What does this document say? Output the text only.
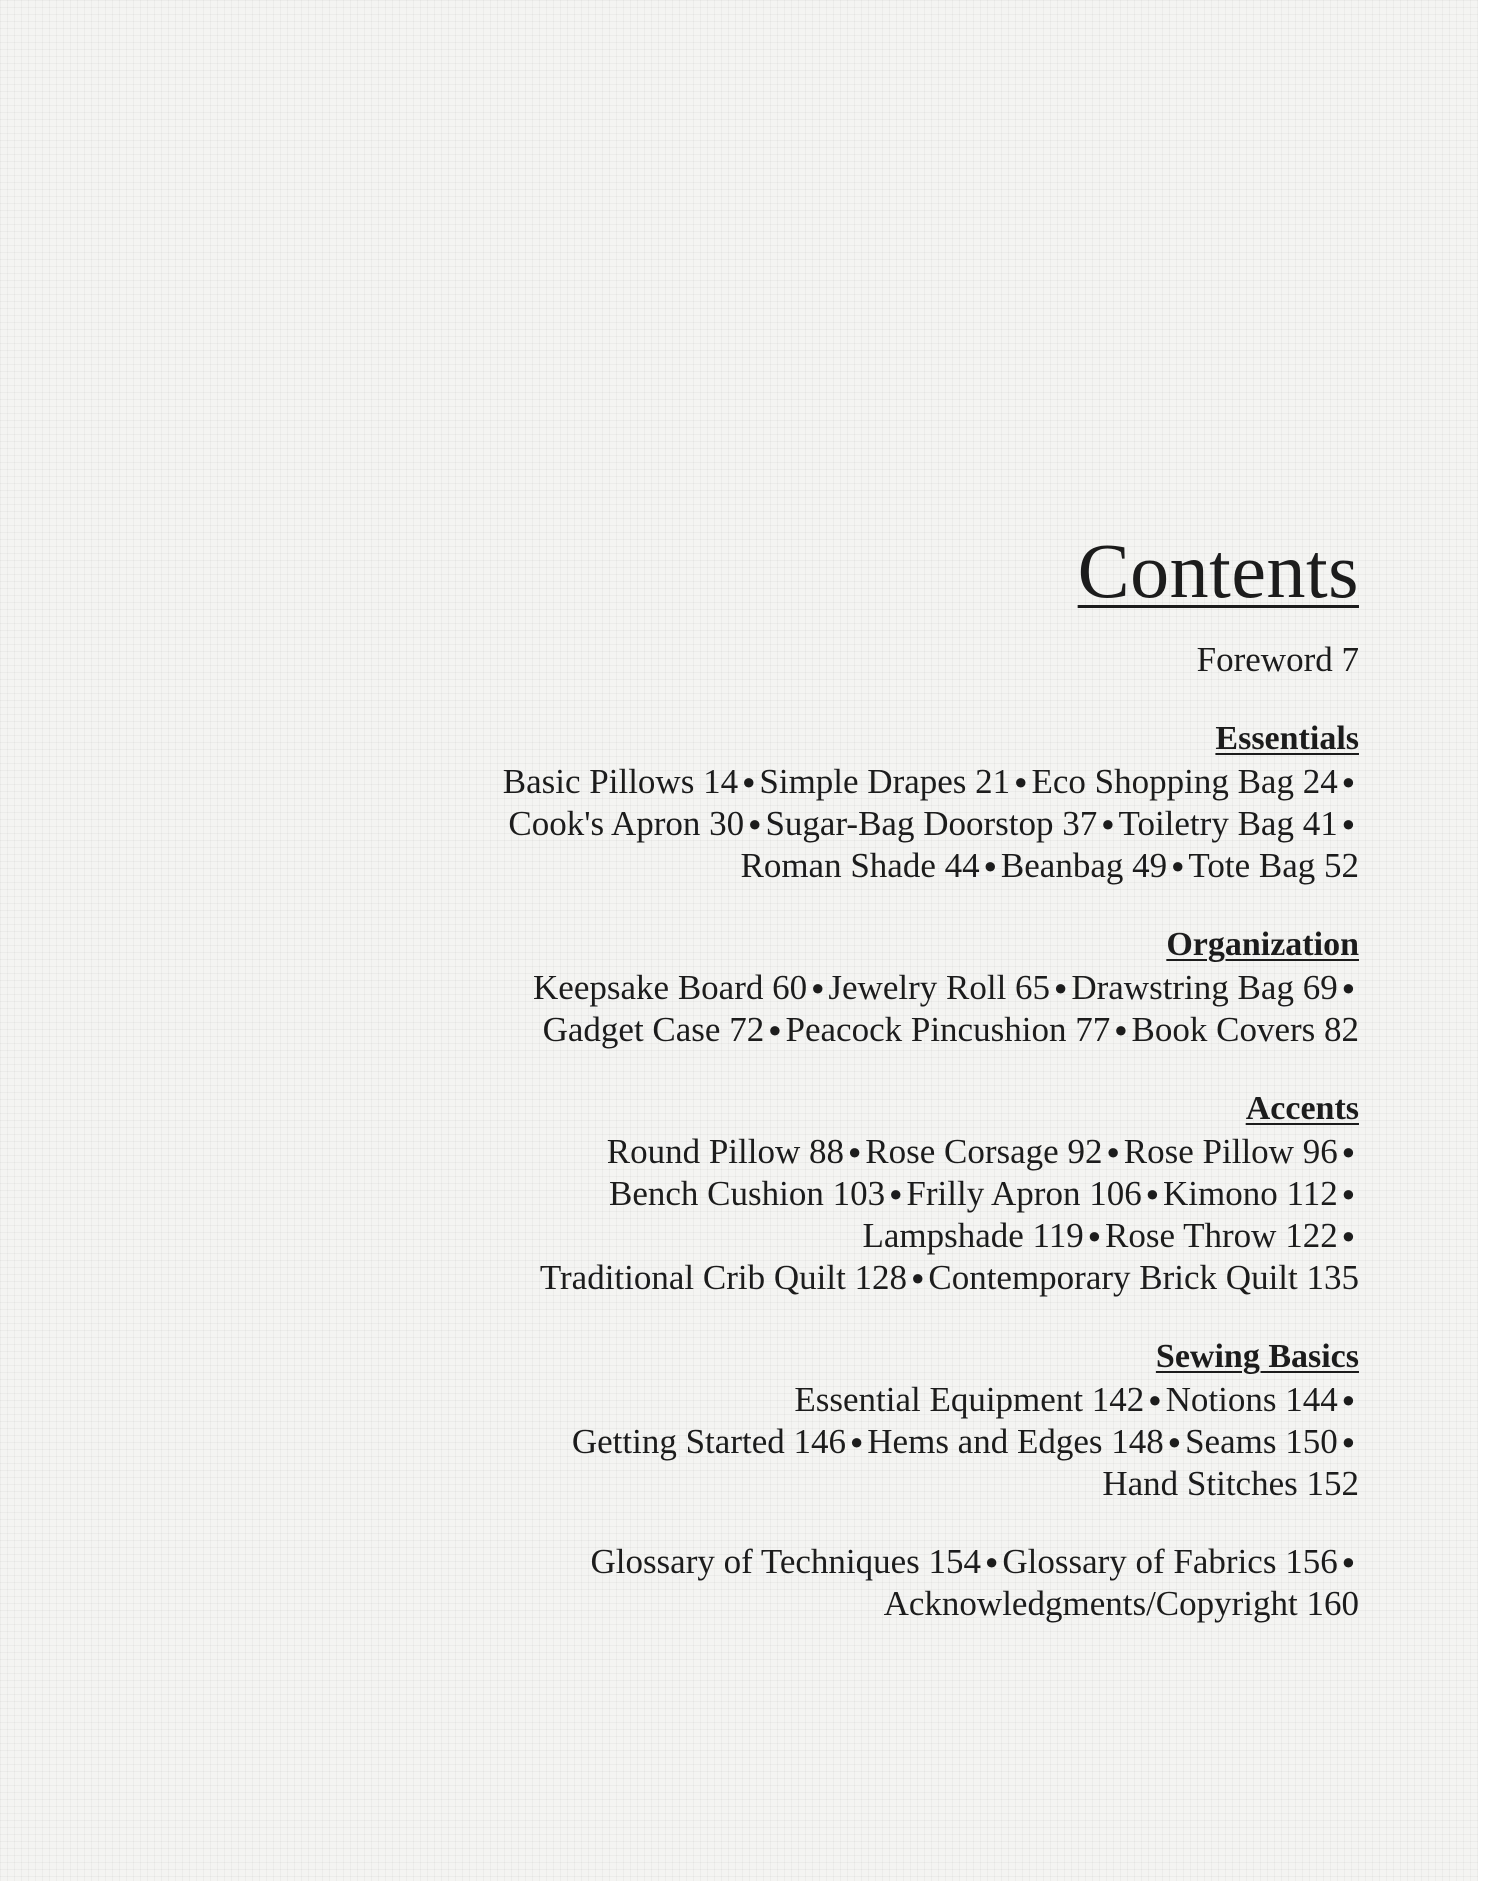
Contents

Foreword 7

Essentials

Basic Pillows 14 ● Simple Drapes 21 ● Eco Shopping Bag 24 ●

Cook's Apron 30 ● Sugar-Bag Doorstop 37 ● Toiletry Bag 41 ●

Roman Shade 44 ● Beanbag 49 ● Tote Bag 52

Organization

Keepsake Board 60 ● Jewelry Roll 65 ● Drawstring Bag 69 ●

Gadget Case 72 ● Peacock Pincushion 77 ● Book Covers 82

Accents

Round Pillow 88 ● Rose Corsage 92 ● Rose Pillow 96 ●

Bench Cushion 103 ● Frilly Apron 106 ● Kimono 112 ●

Lampshade 119 ● Rose Throw 122 ●

Traditional Crib Quilt 128 ● Contemporary Brick Quilt 135

Sewing Basics

Essential Equipment 142 ● Notions 144 ●

Getting Started 146 ● Hems and Edges 148 ● Seams 150 ●

Hand Stitches 152

Glossary of Techniques 154 ● Glossary of Fabrics 156 ●

Acknowledgments/Copyright 160
